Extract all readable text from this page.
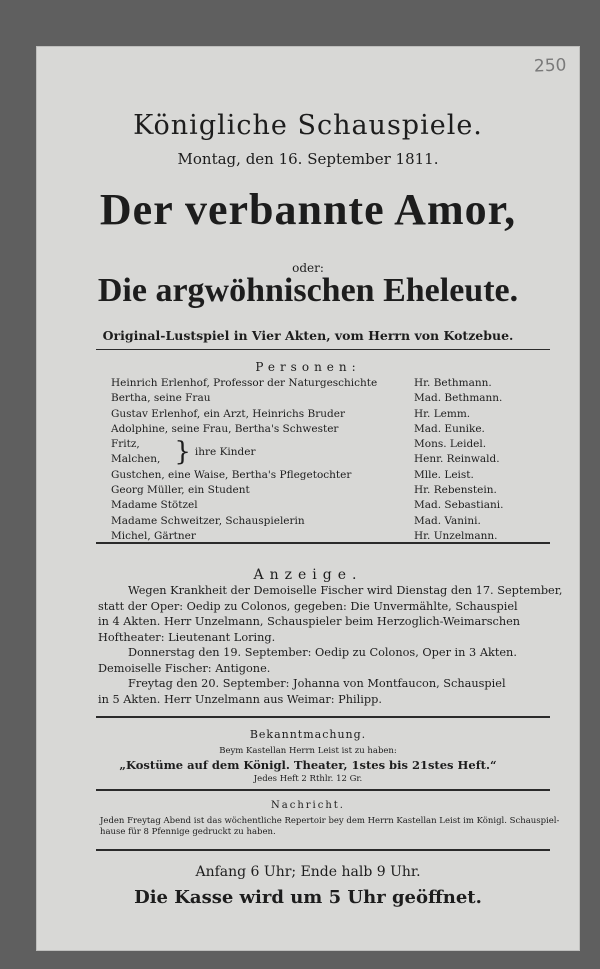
250
Königliche Schauspiele.
Montag, den 16. September 1811.
Der verbannte Amor,
oder:
Die argwöhnischen Eheleute.
Original-Lustspiel in Vier Akten, vom Herrn von Kotzebue.
Personen:
Heinrich Erlenhof, Professor der Naturgeschichte
Bertha, seine Frau
Gustav Erlenhof, ein Arzt, Heinrichs Bruder
Adolphine, seine Frau, Bertha's Schwester
Fritz,
Malchen, } ihre Kinder
Gustchen, eine Waise, Bertha's Pflegetochter
Georg Müller, ein Student
Madame Stötzel
Madame Schweitzer, Schauspielerin
Michel, Gärtner
Hr. Bethmann.
Mad. Bethmann.
Hr. Lemm.
Mad. Eunike.
Mons. Leidel.
Henr. Reinwald.
Mlle. Leist.
Hr. Rebenstein.
Mad. Sebastiani.
Mad. Vanini.
Hr. Unzelmann.
Anzeige.

Wegen Krankheit der Demoiselle Fischer wird Dienstag den 17. September,

statt der Oper: Oedip zu Colonos, gegeben: Die Unvermählte, Schauspiel

in 4 Akten. Herr Unzelmann, Schauspieler beim Herzoglich-Weimarschen

Hoftheater: Lieutenant Loring.

Donnerstag den 19. September: Oedip zu Colonos, Oper in 3 Akten.

Demoiselle Fischer: Antigone.

Freytag den 20. September: Johanna von Montfaucon, Schauspiel

in 5 Akten. Herr Unzelmann aus Weimar: Philipp.

Bekanntmachung.
Beym Kastellan Herrn Leist ist zu haben:
„Kostüme auf dem Königl. Theater, 1stes bis 21stes Heft.“
Jedes Heft 2 Rthlr. 12 Gr.
Nachricht.
Jeden Freytag Abend ist das wöchentliche Repertoir bey dem Herrn Kastellan Leist im Königl. Schauspiel-
hause für 8 Pfennige gedruckt zu haben.
Anfang 6 Uhr; Ende halb 9 Uhr.
Die Kasse wird um 5 Uhr geöffnet.
